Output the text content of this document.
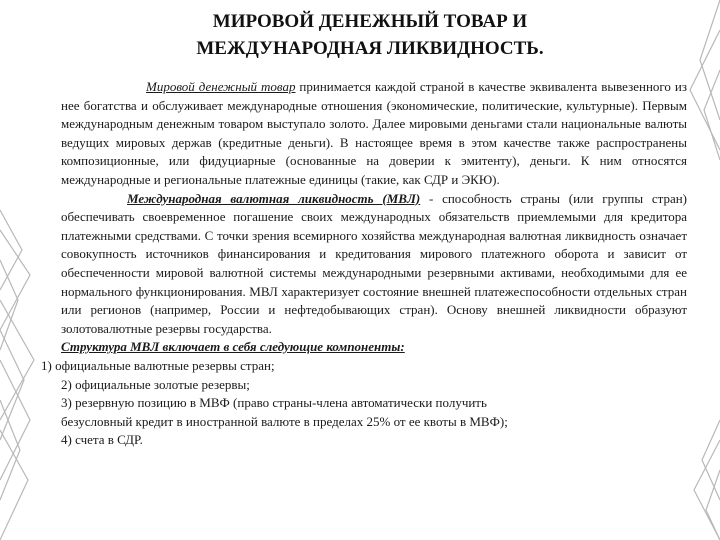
МИРОВОЙ ДЕНЕЖНЫЙ ТОВАР И
МЕЖДУНАРОДНАЯ ЛИКВИДНОСТЬ.

Мировой денежный товар принимается каждой страной в качестве эквивалента вывезенного из нее богатства и обслуживает международные отношения (экономические, политические, культурные). Первым международным денежным товаром выступало золото. Далее мировыми деньгами стали национальные валюты ведущих мировых держав (кредитные деньги). В настоящее время в этом качестве также распространены композиционные, или фидуциарные (основанные на доверии к эмитенту), деньги. К ним относятся международные и региональные платежные единицы (такие, как СДР и ЭКЮ).

Международная валютная ликвидность (МВЛ) - способность страны (или группы стран) обеспечивать своевременное погашение своих международных обязательств приемлемыми для кредитора платежными средствами. С точки зрения всемирного хозяйства международная валютная ликвидность означает совокупность источников финансирования и кредитования мирового платежного оборота и зависит от обеспеченности мировой валютной системы международными резервными активами, необходимыми для ее нормального функционирования. МВЛ характеризует состояние внешней платежеспособности отдельных стран или регионов (например, России и нефтедобывающих стран). Основу внешней ликвидности образуют золотовалютные резервы государства.

Структура МВЛ включает в себя следующие компоненты:
1) официальные валютные резервы стран;
2) официальные золотые резервы;
3) резервную позицию в МВФ (право страны-члена автоматически получить
безусловный кредит в иностранной валюте в пределах 25% от ее квоты в МВФ);
4) счета в СДР.
